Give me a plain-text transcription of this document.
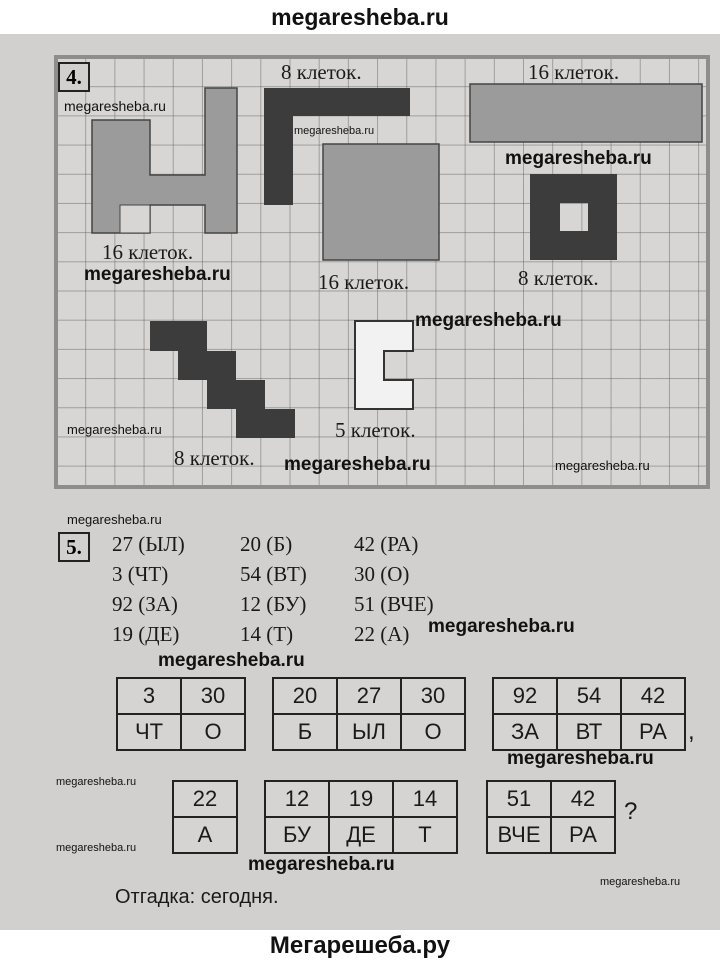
megaresheba.ru
4.
16 клеток.
8 клеток.	16 клеток.
16 клеток.	8 клеток.
8 клеток.
5 клеток.
5.	27 (ЫЛ)	20 (Б)	42 (РА)
3 (ЧТ)	54 (ВТ) 30 (О)
92 (ЗА)	12 (БУ) 51 (ВЧЕ)
19 (ДЕ)	14 (Т)	22 (А)
3	30
ЧТ	О
20	27	30
Б	ЫЛ	О
92	54	42
ЗА	ВТ	РА ,
22
А
12	19	14
БУ	ДЕ	Т
51	42
ВЧЕ	РА
?
Отгадка: сегодня.
megaresheba.ru
megaresheba.ru
megaresheba.ru
megaresheba.ru
megaresheba.ru
megaresheba.ru
megaresheba.ru	megaresheba.ru
megaresheba.ru
megaresheba.ru
megaresheba.ru
megaresheba.ru
megaresheba.ru
megaresheba.ru
megaresheba.ru
megaresheba.ru
Мегарешеба.ру
